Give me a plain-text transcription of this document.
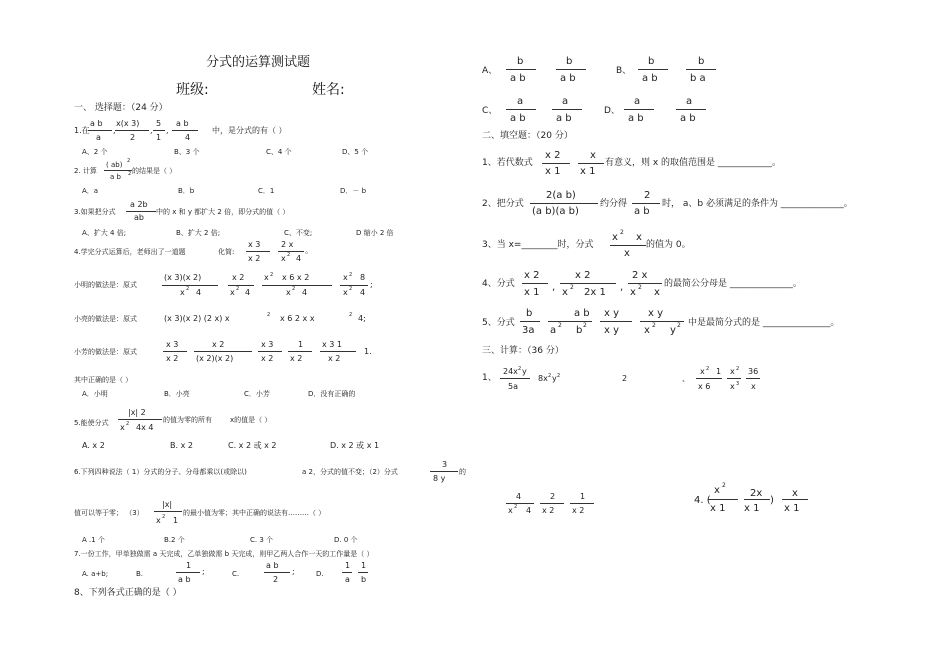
分式的运算测试题
班级:	姓名:
一、 选择题：（24 分）
1.在
a b
a
,
x(x 3)
2
,
5
1
,
a b
4
中，是分式的有（ ）
A、2 个	B、3 个	C、4 个	D、5 个
2. 计算
( ab) 2
a b 2 的结果是（ ）
A．a	B．b	C．1	D．－ b
3.如果把分式
a 2b
ab
中的 x 和 y 都扩大 2 倍，即分式的值（ ）
A、扩大 4 倍;	B、扩大 2 倍;	C、不变;	D 缩小 2 倍
4.学完分式运算后，老师出了一道题	化简:
x 3
x 2
2 x
x 2 4
。
小明的做法是：原式
(x 3)(x 2)
x 2 4
x 2
x 2 4
x 2 x 6 x 2
x 2 4
x 2 8
x 2 4
;
小亮的做法是：原式	(x 3)(x 2) (2 x) x	2 x 6 2 x x	2 4;
小芳的做法是：原式
x 3
x 2
x 2
(x 2)(x 2)
x 3
x 2
1
x 2
x 3 1
x 2
1.
其中正确的是（ ）
A．小明	B．小亮	C．小芳	D．没有正确的
5.能使分式
|x| 2
x 2 4x 4
的值为零的所有	x的值是（ ）
A. x 2	B. x 2	C. x 2 或 x 2	D. x 2 或 x 1
6.下列四种说法（ 1）分式的分子、分母都乘以(或除以)	a 2，分式的值不变；（2）分式
3
8 y
的
值可以等于零； （3）
|x|
x 2 1
的最小值为零；其中正确的说法有………（ ）
A .1 个	B.2 个	C. 3 个	D. 0 个
7.一份工作，甲单独做需 a 天完成，乙单独做需 b 天完成，则甲乙两人合作一天的工作量是（ ）
A. a+b;	B.
1
a b
;	C.
a b
2
;	D.
1
a
1
b
8、下列各式正确的是（ ）
A、
b
a b
b
a b
B、
b
a b
b
b a
C、
a
a b
a
a b
D、
a
a b
a
a b
二、填空题：（20 分）
1、若代数式
x 2
x 1
x
x 1
有意义，则 x 的取值范围是 ____________。
2、把分式
2(a b)
(a b)(a b)
约分得
2
a b
时， a、b 必须满足的条件为 ______________。
3、当 x=________时，分式
x 2 x
x
的值为 0。
4、分式
x 2
x 1 ,
x 2
x 2 2x 1 ,
2 x
x 2 x
的最简公分母是 ______________。
5、分式
b
3a
a b
a 2 b 2
x y
x y
x y
x 2 y 2 中是最简分式的是 _______________。
三、计算：（36 分）
1、
24x 2 y
5a
8x 2 y 2	2	、
x 2 1
x 6
x 2
x 3
36
x
4
x 2 4
2
x 2
1
x 2
4. (
x 2
x 1
2x
x 1
)
x
x 1
